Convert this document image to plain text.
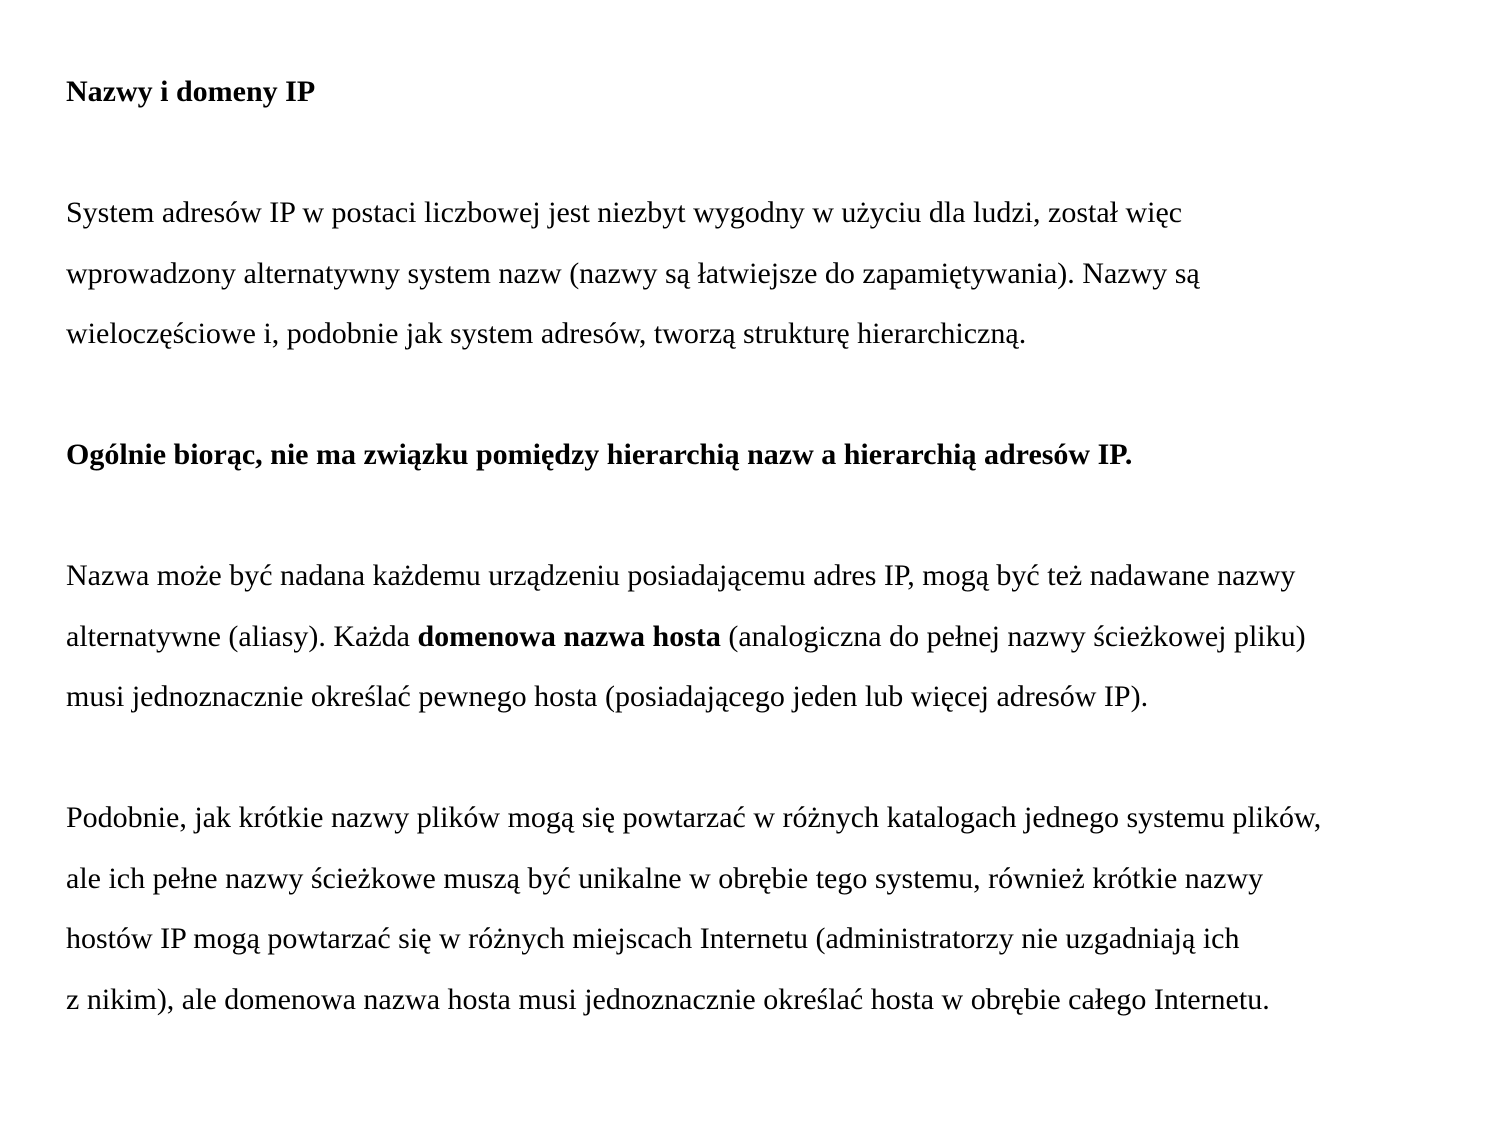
Nazwy i domeny IP
System adresów IP w postaci liczbowej jest niezbyt wygodny w użyciu dla ludzi, został więc
wprowadzony alternatywny system nazw (nazwy są łatwiejsze do zapamiętywania). Nazwy są
wieloczęściowe i, podobnie jak system adresów, tworzą strukturę hierarchiczną.
Ogólnie biorąc, nie ma związku pomiędzy hierarchią nazw a hierarchią adresów IP.
Nazwa może być nadana każdemu urządzeniu posiadającemu adres IP, mogą być też nadawane nazwy
alternatywne (aliasy). Każda domenowa nazwa hosta (analogiczna do pełnej nazwy ścieżkowej pliku)
musi jednoznacznie określać pewnego hosta (posiadającego jeden lub więcej adresów IP).
Podobnie, jak krótkie nazwy plików mogą się powtarzać w różnych katalogach jednego systemu plików,
ale ich pełne nazwy ścieżkowe muszą być unikalne w obrębie tego systemu, również krótkie nazwy
hostów IP mogą powtarzać się w różnych miejscach Internetu (administratorzy nie uzgadniają ich
z nikim), ale domenowa nazwa hosta musi jednoznacznie określać hosta w obrębie całego Internetu.
